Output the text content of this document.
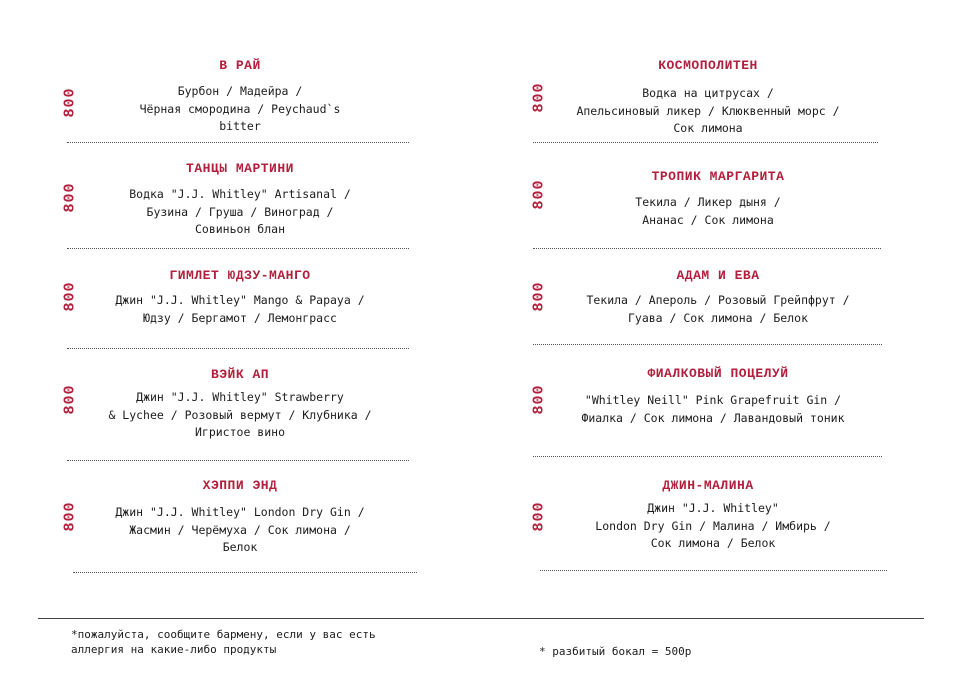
В РАЙ
800	Бурбон / Мадейра /
Чёрная смородина / Peychaud`s
bitter
ТАНЦЫ МАРТИНИ
800	Водка "J.J. Whitley" Artisanal /
Бузина / Груша / Виноград /
Совиньон блан
ГИМЛЕТ ЮДЗУ-МАНГО
800	Джин "J.J. Whitley" Mango & Papaya /
Юдзу / Бергамот / Лемонграсс
ВЭЙК АП
800	Джин "J.J. Whitley" Strawberry
& Lychee / Розовый вермут / Клубника /
Игристое вино
ХЭППИ ЭНД
800	Джин "J.J. Whitley" London Dry Gin /
Жасмин / Черёмуха / Сок лимона /
Белок
КОСМОПОЛИТЕН
800	Водка на цитрусах /
Апельсиновый ликер / Клюквенный морс /
Сок лимона
ТРОПИК МАРГАРИТА
800	Текила / Ликер дыня /
Ананас / Сок лимона
АДАМ И ЕВА
800	Текила / Апероль / Розовый Грейпфрут /
Гуава / Сок лимона / Белок
ФИАЛКОВЫЙ ПОЦЕЛУЙ
800	"Whitley Neill" Pink Grapefruit Gin /
Фиалка / Сок лимона / Лавандовый тоник
ДЖИН-МАЛИНА
800	Джин "J.J. Whitley"
London Dry Gin / Малина / Имбирь /
Сок лимона / Белок
*пожалуйста, сообщите бармену, если у вас есть
аллергия на какие-либо продукты	* разбитый бокал = 500р
